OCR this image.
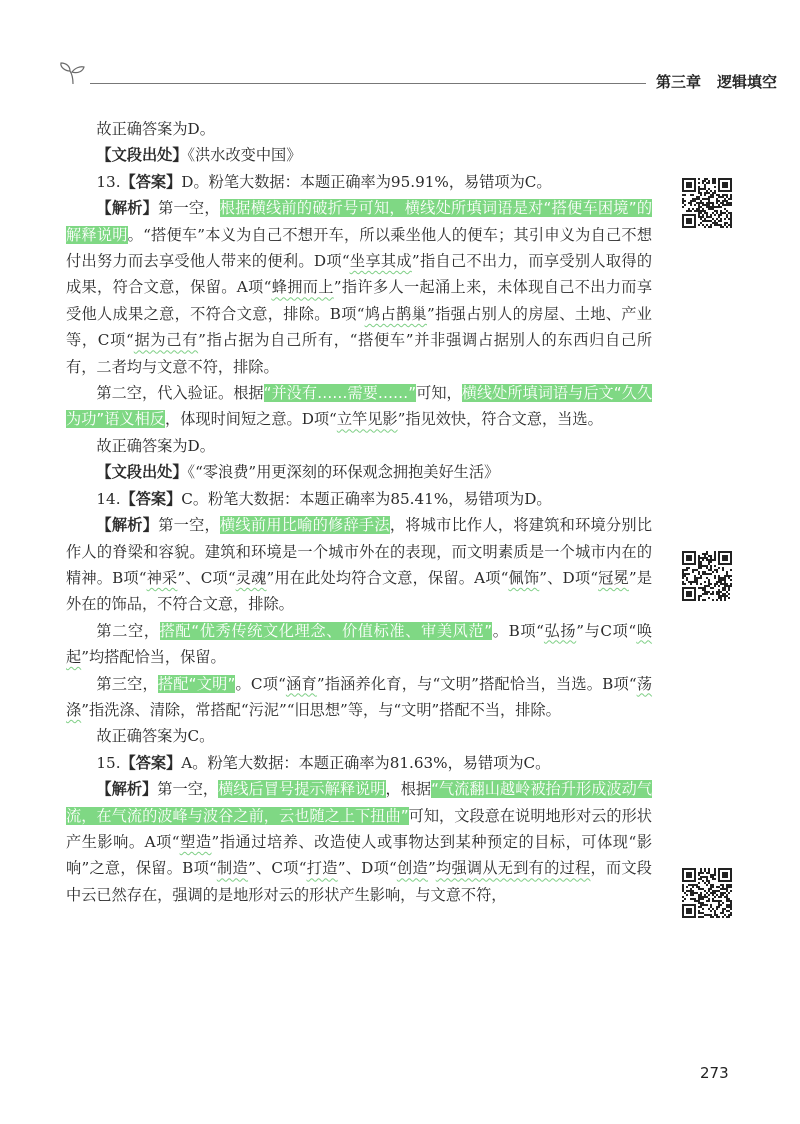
第三章 逻辑填空

故正确答案为D。

【文段出处】《洪水改变中国》

13.【答案】D。粉笔大数据：本题正确率为95.91%，易错项为C。

【解析】第一空，根据横线前的破折号可知，横线处所填词语是对“搭便车困境”的解释说明。“搭便车”本义为自己不想开车，所以乘坐他人的便车；其引申义为自己不想付出努力而去享受他人带来的便利。D项“坐享其成”指自己不出力，而享受别人取得的成果，符合文意，保留。A项“蜂拥而上”指许多人一起涌上来，未体现自己不出力而享受他人成果之意，不符合文意，排除。B项“鸠占鹊巢”指强占别人的房屋、土地、产业等，C项“据为己有”指占据为自己所有，“搭便车”并非强调占据别人的东西归自己所有，二者均与文意不符，排除。

第二空，代入验证。根据“并没有……需要……”可知，横线处所填词语与后文“久久为功”语义相反，体现时间短之意。D项“立竿见影”指见效快，符合文意，当选。

故正确答案为D。

【文段出处】《“零浪费”用更深刻的环保观念拥抱美好生活》

14.【答案】C。粉笔大数据：本题正确率为85.41%，易错项为D。

【解析】第一空，横线前用比喻的修辞手法，将城市比作人，将建筑和环境分别比作人的脊梁和容貌。建筑和环境是一个城市外在的表现，而文明素质是一个城市内在的精神。B项“神采”、C项“灵魂”用在此处均符合文意，保留。A项“佩饰”、D项“冠冕”是外在的饰品，不符合文意，排除。

第二空，搭配“优秀传统文化理念、价值标准、审美风范”。B项“弘扬”与C项“唤起”均搭配恰当，保留。

第三空，搭配“文明”。C项“涵育”指涵养化育，与“文明”搭配恰当，当选。B项“荡涤”指洗涤、清除，常搭配“污泥”“旧思想”等，与“文明”搭配不当，排除。

故正确答案为C。

15.【答案】A。粉笔大数据：本题正确率为81.63%，易错项为C。

【解析】第一空，横线后冒号提示解释说明，根据“气流翻山越岭被抬升形成波动气流，在气流的波峰与波谷之前，云也随之上下扭曲”可知，文段意在说明地形对云的形状产生影响。A项“塑造”指通过培养、改造使人或事物达到某种预定的目标，可体现“影响”之意，保留。B项“制造”、C项“打造”、D项“创造”均强调从无到有的过程，而文段中云已然存在，强调的是地形对云的形状产生影响，与文意不符，

273
